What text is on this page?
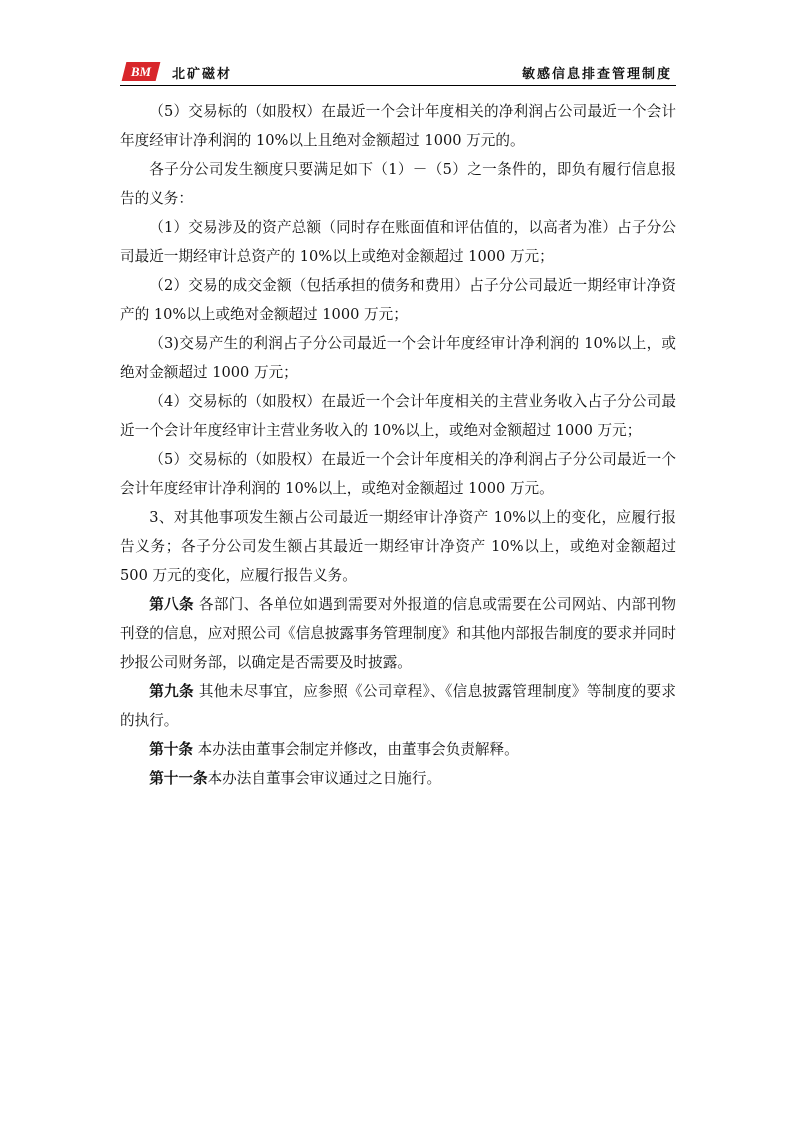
BM 北矿磁材	敏感信息排查管理制度

（5）交易标的（如股权）在最近一个会计年度相关的净利润占公司最近一个会计年度经审计净利润的 10%以上且绝对金额超过 1000 万元的。

各子分公司发生额度只要满足如下（1）－（5）之一条件的，即负有履行信息报告的义务：

（1）交易涉及的资产总额（同时存在账面值和评估值的，以高者为准）占子分公司最近一期经审计总资产的 10%以上或绝对金额超过 1000 万元；

（2）交易的成交金额（包括承担的债务和费用）占子分公司最近一期经审计净资产的 10%以上或绝对金额超过 1000 万元；

（3)交易产生的利润占子分公司最近一个会计年度经审计净利润的 10%以上，或绝对金额超过 1000 万元；

（4）交易标的（如股权）在最近一个会计年度相关的主营业务收入占子分公司最近一个会计年度经审计主营业务收入的 10%以上，或绝对金额超过 1000 万元；

（5）交易标的（如股权）在最近一个会计年度相关的净利润占子分公司最近一个会计年度经审计净利润的 10%以上，或绝对金额超过 1000 万元。

3、对其他事项发生额占公司最近一期经审计净资产 10%以上的变化，应履行报告义务；各子分公司发生额占其最近一期经审计净资产 10%以上，或绝对金额超过 500 万元的变化，应履行报告义务。

第八条 各部门、各单位如遇到需要对外报道的信息或需要在公司网站、内部刊物刊登的信息，应对照公司《信息披露事务管理制度》和其他内部报告制度的要求并同时抄报公司财务部，以确定是否需要及时披露。

第九条 其他未尽事宜，应参照《公司章程》、《信息披露管理制度》等制度的要求的执行。

第十条 本办法由董事会制定并修改，由董事会负责解释。

第十一条本办法自董事会审议通过之日施行。
